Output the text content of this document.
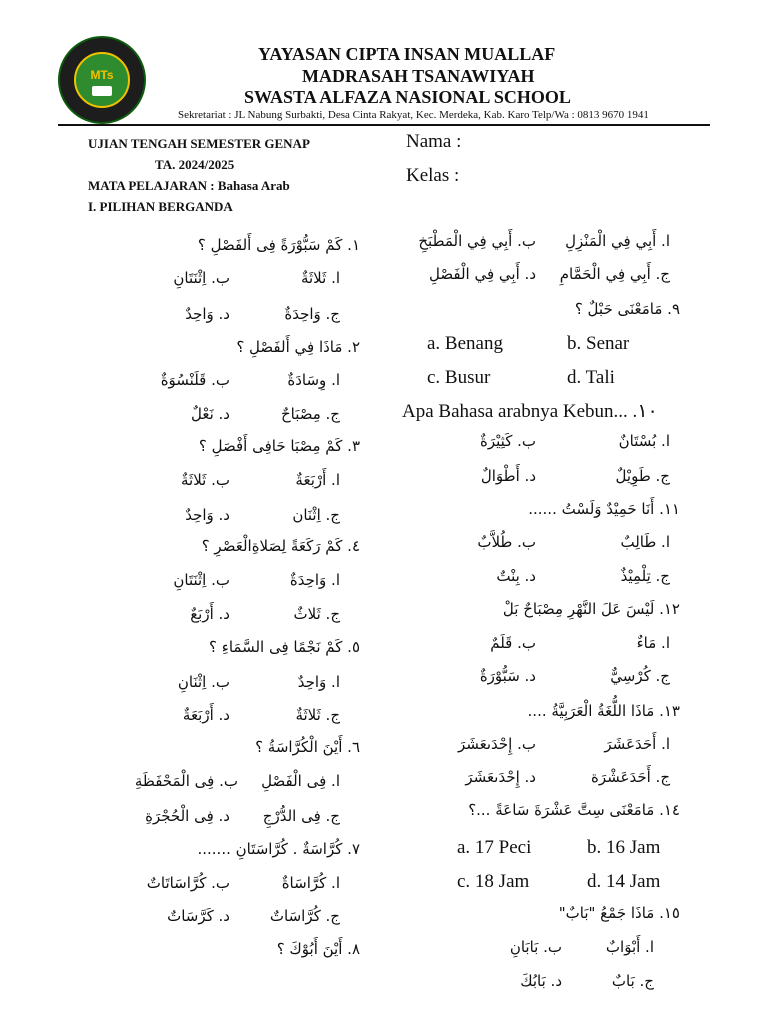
MTs
YAYASAN CIPTA INSAN MUALLAF
MADRASAH TSANAWIYAH
SWASTA ALFAZA NASIONAL SCHOOL
Sekretariat : JL Nabung Surbakti, Desa Cinta Rakyat, Kec. Merdeka, Kab. Karo Telp/Wa : 0813 9670 1941
UJIAN TENGAH SEMESTER GENAP
TA. 2024/2025
MATA PELAJARAN : Bahasa Arab
I. PILIHAN BERGANDA
Nama :
Kelas :
١. كَمْ سَبُّوْرَةً فِى أَلفَصْلِ ؟
ا. ثَلاثَةٌ
ب. اِثْنَتَانِ
ج. وَاحِدَةٌ
د. وَاحِدٌ
٢. مَاذَا فِي أَلفَصْلِ ؟
ا. وِسَادَةٌ
ب. قَلَنْسُوَةٌ
ج. مِصْبَاحٌ
د. نَعْلٌ
٣. كَمْ مِصْبَا حَافِى أَفْصَلِ ؟
ا. أَرْبَعَةٌ
ب. ثَلاثَةٌ
ج. اِثْنَان
د. وَاحِدٌ
٤. كَمْ رَكَعَةً لِصَلاةِالْعَصْرِ ؟
ا. وَاحِدَةٌ
ب. اِثْنَتَانِ
ج. ثَلاثٌ
د. أَرْبَعٌ
٥. كَمْ نَجْمًا فِى السَّمَاءِ ؟
ا. وَاحِدٌ
ب. اِثْنَانِ
ج. ثَلاثَةٌ
د. أَرْبَعَةٌ
٦. أَيْنَ الْكُرَّاسَةُ ؟
ا. فِى الْفَصْلِ
ب. فِى الْمَحْفَظَةِ
ج. فِى الدُّرْجِ
د. فِى الْحُجْرَةِ
٧. كُرَّاسَةٌ . كُرَّاسَتَانِ .......
ا. كُرَّاسَاةٌ
ب. كُرَّاسَاتَاتٌ
ج. كُرَّاسَاتٌ
د. كَرَّسَاتٌ
٨. أَيْنَ أَبُوْكَ ؟
ا. أَبِي فِي الْمَنْزِلِ
ب. أَبِي فِي الْمَطْبَخِ
ج. أَبِي فِي الْحَمَّامِ
د. أَبِي فِي الْفَصْلِ
٩. مَامَعْنَى حَبْلٌ ؟
a. Benang	b. Senar
c. Busur	d. Tali
Apa Bahasa arabnya Kebun... .١٠
ا. بُسْتَانٌ
ب. كَثِيْرَةٌ
ج. طَوِيْلٌ
د. أَطْوَالٌ
١١. أَنَا حَمِيْدٌ وَلَسْتُ ......
ا. طَالِبٌ
ب. طُلاَّبٌ
ج. تِلْمِيْذٌ
د. بِنْتٌ
١٢. لَيْسَ عَلَ النَّهْرِ مِصْبَاحٌ بَلْ
ا. مَاءٌ
ب. قَلَمٌ
ج. كُرْسِيٌّ
د. سَبُّوْرَةٌ
١٣. مَاذَا اللُّغَةُ الْعَرَبِيَّةُ ....
ا. أَحَدَعَشَرَ
ب. إِحْدَىعَشَرَ
ج. أَحَدَعَشْرَة
د. إِحْدَىعَشَرَ
١٤. مَامَعْنَى سِتَّ عَشْرَةَ سَاعَةً ...؟
a. 17 Peci	b. 16 Jam
c. 18 Jam	d. 14 Jam
١٥. مَاذَا جَمْعُ "بَابٌ"
ا. أَبْوَابٌ
ب. بَابَانِ
ج. بَابٌ
د. بَابُكَ
